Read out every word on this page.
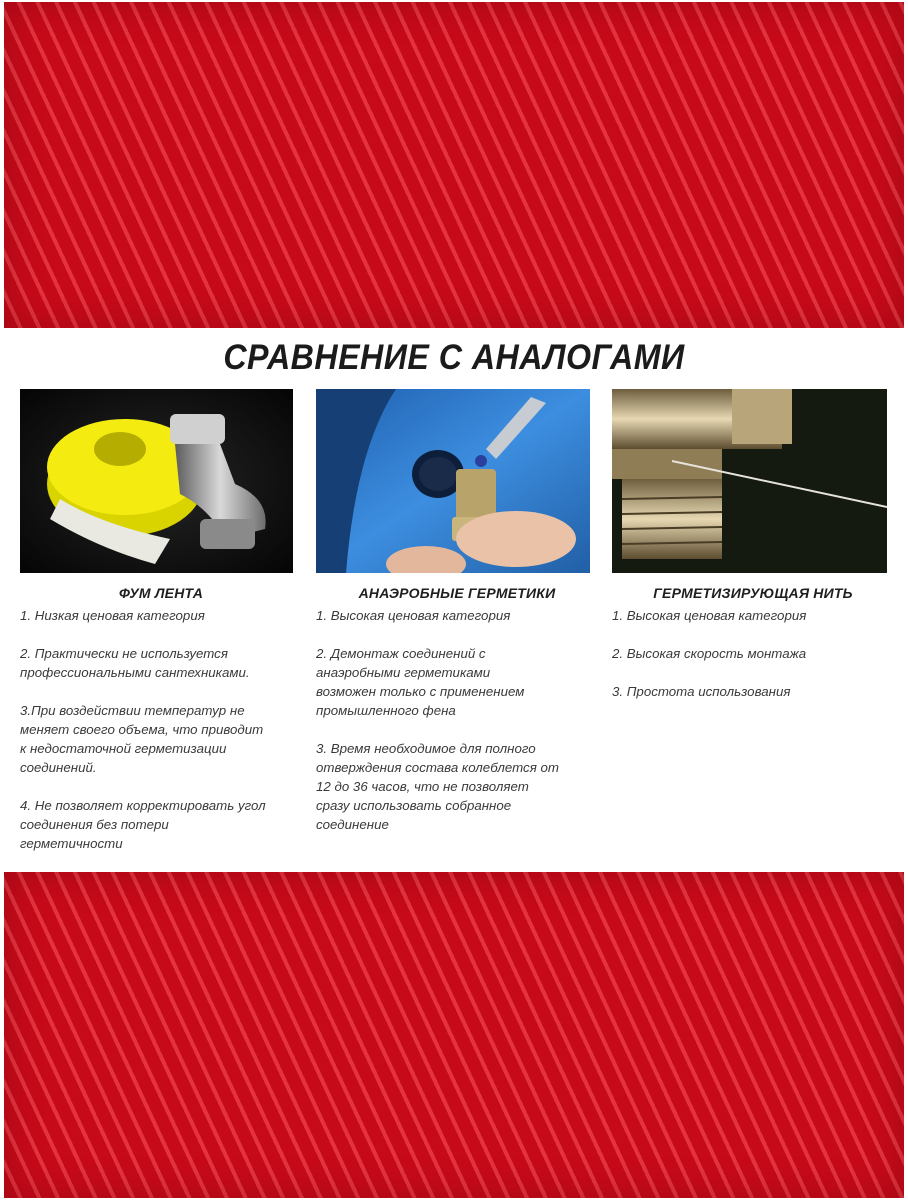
СРАВНЕНИЕ С АНАЛОГАМИ
ФУМ ЛЕНТА
1. Низкая ценовая категория
2. Практически не используется
профессиональными сантехниками.
3.При воздействии температур не
меняет своего объема, что приводит
к недостаточной герметизации
соединений.
4. Не позволяет корректировать угол
соединения без потери
герметичности
АНАЭРОБНЫЕ ГЕРМЕТИКИ
1. Высокая ценовая категория
2. Демонтаж соединений с
анаэробными герметиками
возможен только с применением
промышленного фена
3. Время необходимое для полного
отверждения состава колеблется от
12 до 36 часов, что не позволяет
сразу использовать собранное
соединение
ГЕРМЕТИЗИРУЮЩАЯ НИТЬ
1. Высокая ценовая категория
2. Высокая скорость монтажа
3. Простота использования
